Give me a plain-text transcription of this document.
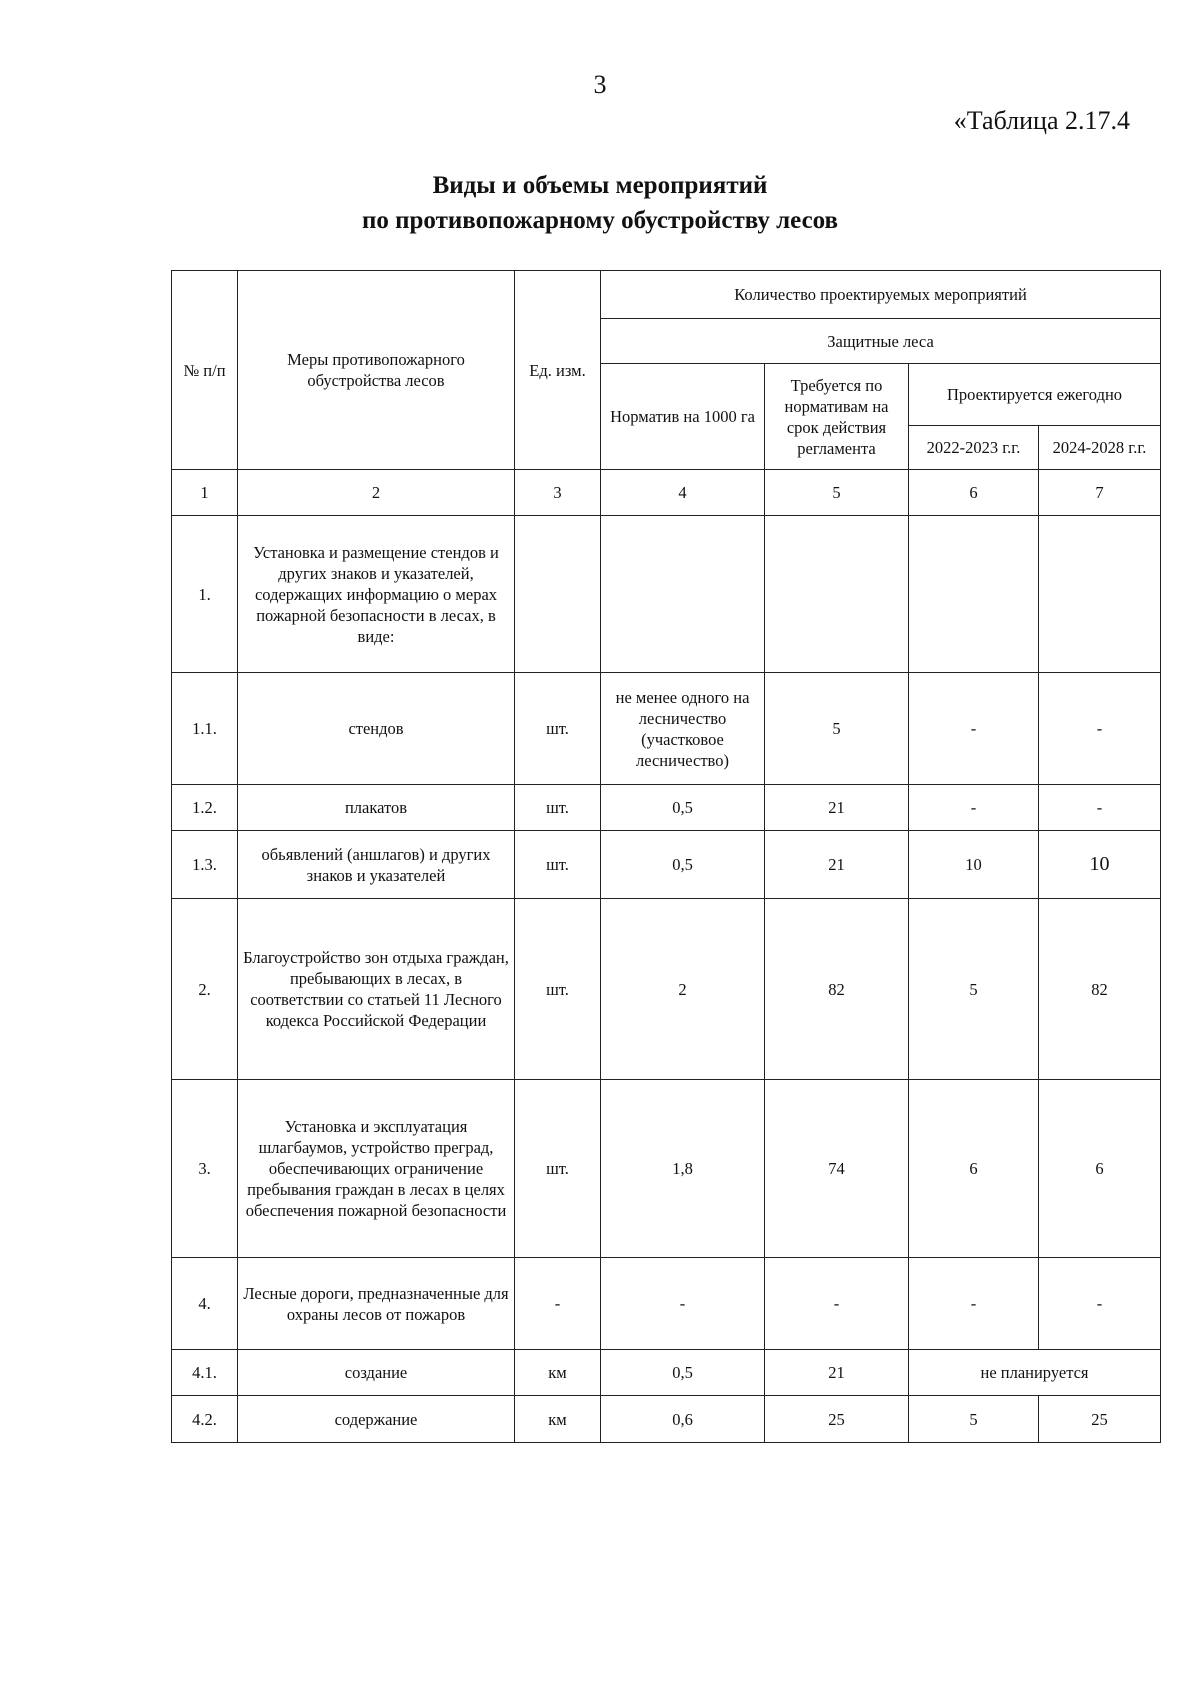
3
«Таблица 2.17.4
Виды и объемы мероприятий
по противопожарному обустройству лесов
№ п/п	Меры противопожарного обустройства лесов	Ед. изм.	Количество проектируемых мероприятий			
			Защитные леса			
			Норматив на 1000 га	Требуется по нормативам на срок действия регламента	Проектируется ежегодно	
					2022-2023 г.г.	2024-2028 г.г.
1	2	3	4	5	6	7
1.	Установка и размещение стендов и других знаков и указателей, содержащих информацию о мерах пожарной безопасности в лесах, в виде:					
1.1.	стендов	шт.	не менее одного на лесничество (участковое лесничество)	5	-	-
1.2.	плакатов	шт.	0,5	21	-	-
1.3.	обьявлений (аншлагов) и других знаков и указателей	шт.	0,5	21	10	10
2.	Благоустройство зон отдыха граждан, пребывающих в лесах, в соответствии со статьей 11 Лесного кодекса Российской Федерации	шт.	2	82	5	82
3.	Установка и эксплуатация шлагбаумов, устройство преград, обеспечивающих ограничение пребывания граждан в лесах в целях обеспечения пожарной безопасности	шт.	1,8	74	6	6
4.	Лесные дороги, предназначенные для охраны лесов от пожаров	-	-	-	-	-
4.1.	создание	км	0,5	21	не планируется	
4.2.	содержание	км	0,6	25	5	25
